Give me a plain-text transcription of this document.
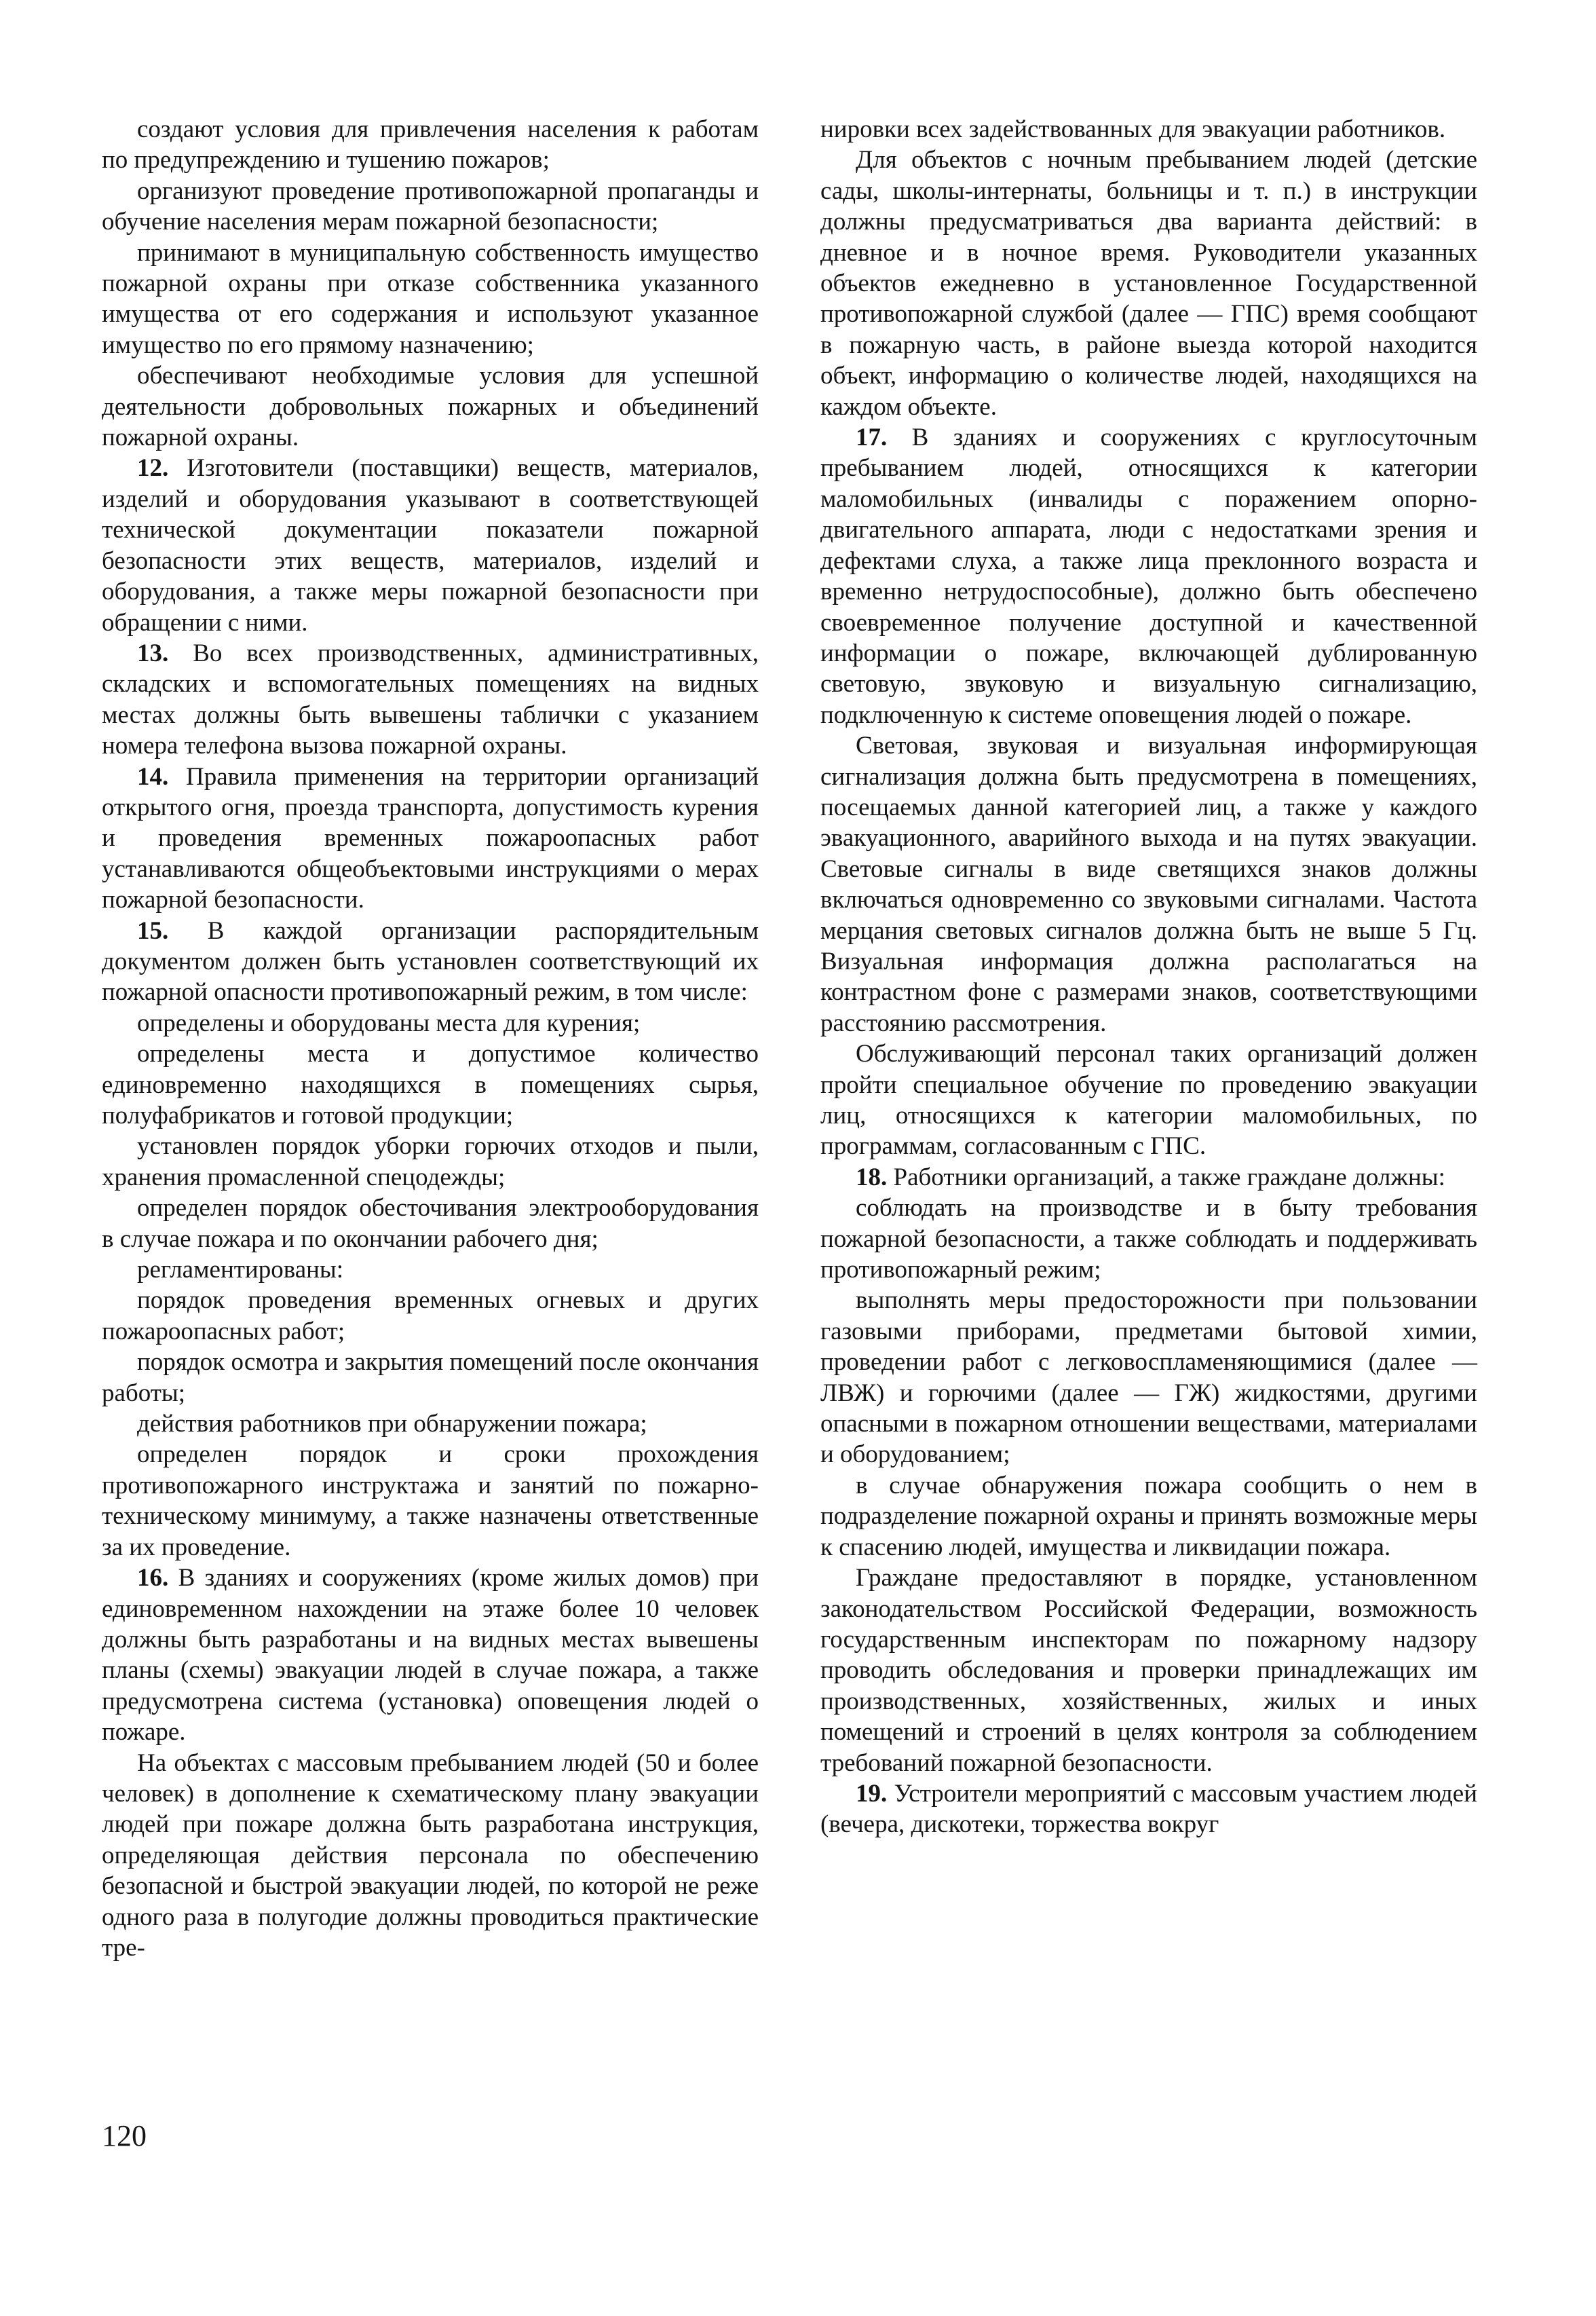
создают условия для привлечения населения к работам по предупреждению и тушению пожаров;

организуют проведение противопожарной пропаганды и обучение населения мерам пожарной безопасности;

принимают в муниципальную собственность имущество пожарной охраны при отказе собственника указанного имущества от его содержания и используют указанное имущество по его прямому назначению;

обеспечивают необходимые условия для успешной деятельности добровольных пожарных и объединений пожарной охраны.

12. Изготовители (поставщики) веществ, материалов, изделий и оборудования указывают в соответствующей технической документации показатели пожарной безопасности этих веществ, материалов, изделий и оборудования, а также меры пожарной безопасности при обращении с ними.

13. Во всех производственных, административных, складских и вспомогательных помещениях на видных местах должны быть вывешены таблички с указанием номера телефона вызова пожарной охраны.

14. Правила применения на территории организаций открытого огня, проезда транспорта, допустимость курения и проведения временных пожароопасных работ устанавливаются общеобъектовыми инструкциями о мерах пожарной безопасности.

15. В каждой организации распорядительным документом должен быть установлен соответствующий их пожарной опасности противопожарный режим, в том числе:

определены и оборудованы места для курения;

определены места и допустимое количество единовременно находящихся в помещениях сырья, полуфабрикатов и готовой продукции;

установлен порядок уборки горючих отходов и пыли, хранения промасленной спецодежды;

определен порядок обесточивания электрооборудования в случае пожара и по окончании рабочего дня;

регламентированы:

порядок проведения временных огневых и других пожароопасных работ;

порядок осмотра и закрытия помещений после окончания работы;

действия работников при обнаружении пожара;

определен порядок и сроки прохождения противопожарного инструктажа и занятий по пожарно-техническому минимуму, а также назначены ответственные за их проведение.

16. В зданиях и сооружениях (кроме жилых домов) при единовременном нахождении на этаже более 10 человек должны быть разработаны и на видных местах вывешены планы (схемы) эвакуации людей в случае пожара, а также предусмотрена система (установка) оповещения людей о пожаре.

На объектах с массовым пребыванием людей (50 и более человек) в дополнение к схематическому плану эвакуации людей при пожаре должна быть разработана инструкция, определяющая действия персонала по обеспечению безопасной и быстрой эвакуации людей, по которой не реже одного раза в полугодие должны проводиться практические тре-

нировки всех задействованных для эвакуации работников.

Для объектов с ночным пребыванием людей (детские сады, школы-интернаты, больницы и т. п.) в инструкции должны предусматриваться два варианта действий: в дневное и в ночное время. Руководители указанных объектов ежедневно в установленное Государственной противопожарной службой (далее — ГПС) время сообщают в пожарную часть, в районе выезда которой находится объект, информацию о количестве людей, находящихся на каждом объекте.

17. В зданиях и сооружениях с круглосуточным пребыванием людей, относящихся к категории маломобильных (инвалиды с поражением опорно-двигательного аппарата, люди с недостатками зрения и дефектами слуха, а также лица преклонного возраста и временно нетрудоспособные), должно быть обеспечено своевременное получение доступной и качественной информации о пожаре, включающей дублированную световую, звуковую и визуальную сигнализацию, подключенную к системе оповещения людей о пожаре.

Световая, звуковая и визуальная информирующая сигнализация должна быть предусмотрена в помещениях, посещаемых данной категорией лиц, а также у каждого эвакуационного, аварийного выхода и на путях эвакуации. Световые сигналы в виде светящихся знаков должны включаться одновременно со звуковыми сигналами. Частота мерцания световых сигналов должна быть не выше 5 Гц. Визуальная информация должна располагаться на контрастном фоне с размерами знаков, соответствующими расстоянию рассмотрения.

Обслуживающий персонал таких организаций должен пройти специальное обучение по проведению эвакуации лиц, относящихся к категории маломобильных, по программам, согласованным с ГПС.

18. Работники организаций, а также граждане должны:

соблюдать на производстве и в быту требования пожарной безопасности, а также соблюдать и поддерживать противопожарный режим;

выполнять меры предосторожности при пользовании газовыми приборами, предметами бытовой химии, проведении работ с легковоспламеняющимися (далее — ЛВЖ) и горючими (далее — ГЖ) жидкостями, другими опасными в пожарном отношении веществами, материалами и оборудованием;

в случае обнаружения пожара сообщить о нем в подразделение пожарной охраны и принять возможные меры к спасению людей, имущества и ликвидации пожара.

Граждане предоставляют в порядке, установленном законодательством Российской Федерации, возможность государственным инспекторам по пожарному надзору проводить обследования и проверки принадлежащих им производственных, хозяйственных, жилых и иных помещений и строений в целях контроля за соблюдением требований пожарной безопасности.

19. Устроители мероприятий с массовым участием людей (вечера, дискотеки, торжества вокруг

120
